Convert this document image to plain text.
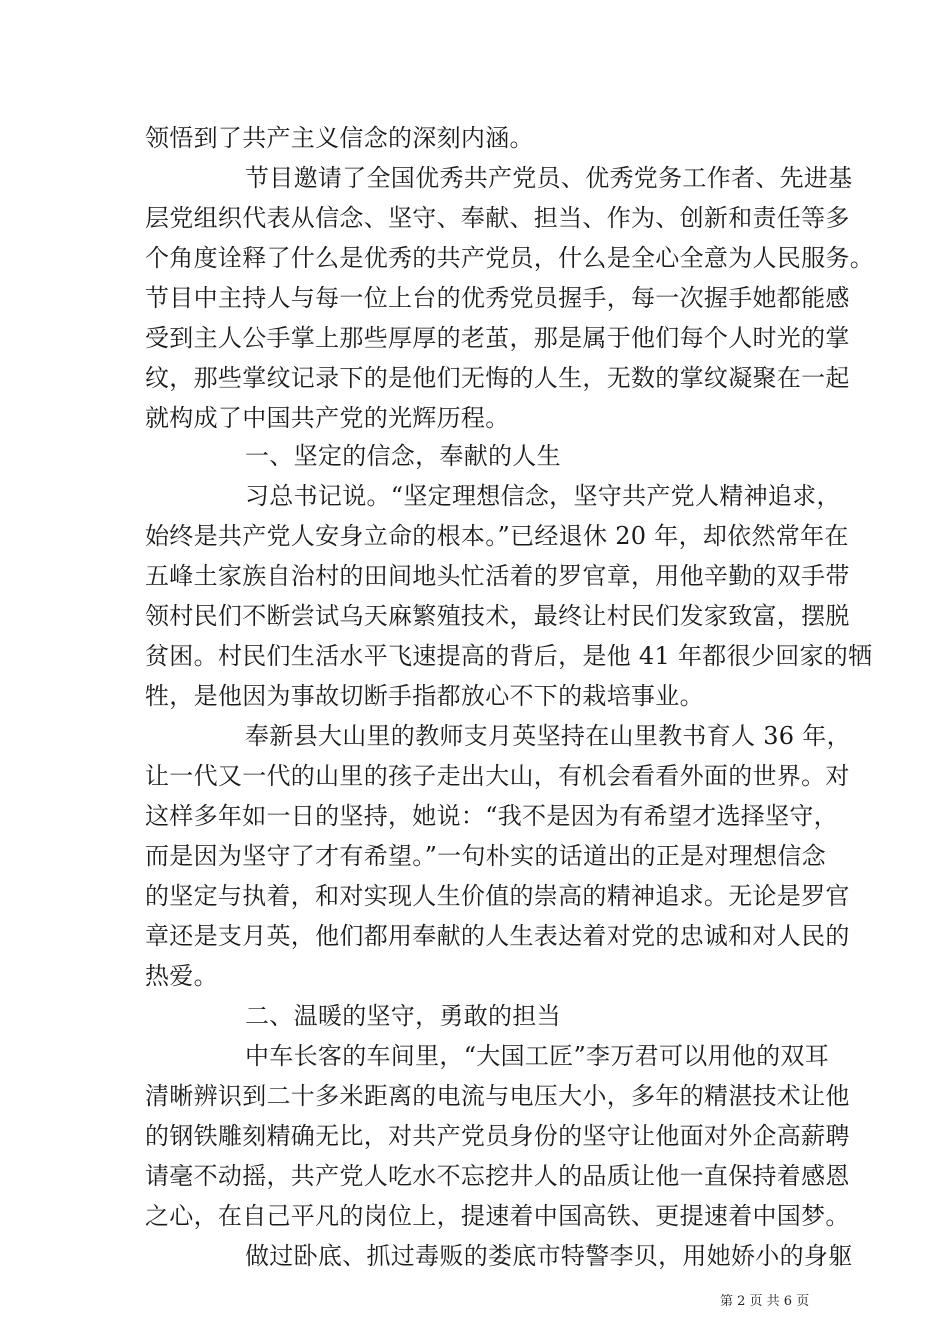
领悟到了共产主义信念的深刻内涵。
节目邀请了全国优秀共产党员、优秀党务工作者、先进基
层党组织代表从信念、坚守、奉献、担当、作为、创新和责任等多
个角度诠释了什么是优秀的共产党员，什么是全心全意为人民服务。
节目中主持人与每一位上台的优秀党员握手，每一次握手她都能感
受到主人公手掌上那些厚厚的老茧，那是属于他们每个人时光的掌
纹，那些掌纹记录下的是他们无悔的人生，无数的掌纹凝聚在一起
就构成了中国共产党的光辉历程。
一、坚定的信念，奉献的人生
习总书记说。“坚定理想信念，坚守共产党人精神追求，
始终是共产党人安身立命的根本。”已经退休 20 年，却依然常年在
五峰土家族自治村的田间地头忙活着的罗官章，用他辛勤的双手带
领村民们不断尝试乌天麻繁殖技术，最终让村民们发家致富，摆脱
贫困。村民们生活水平飞速提高的背后，是他 41 年都很少回家的牺
牲，是他因为事故切断手指都放心不下的栽培事业。
奉新县大山里的教师支月英坚持在山里教书育人 36 年，
让一代又一代的山里的孩子走出大山，有机会看看外面的世界。对
这样多年如一日的坚持，她说：“我不是因为有希望才选择坚守，
而是因为坚守了才有希望。”一句朴实的话道出的正是对理想信念
的坚定与执着，和对实现人生价值的崇高的精神追求。无论是罗官
章还是支月英，他们都用奉献的人生表达着对党的忠诚和对人民的
热爱。
二、温暖的坚守，勇敢的担当
中车长客的车间里，“大国工匠”李万君可以用他的双耳
清晰辨识到二十多米距离的电流与电压大小，多年的精湛技术让他
的钢铁雕刻精确无比，对共产党员身份的坚守让他面对外企高薪聘
请毫不动摇，共产党人吃水不忘挖井人的品质让他一直保持着感恩
之心，在自己平凡的岗位上，提速着中国高铁、更提速着中国梦。
做过卧底、抓过毒贩的娄底市特警李贝，用她娇小的身躯
第 2 页 共 6 页
